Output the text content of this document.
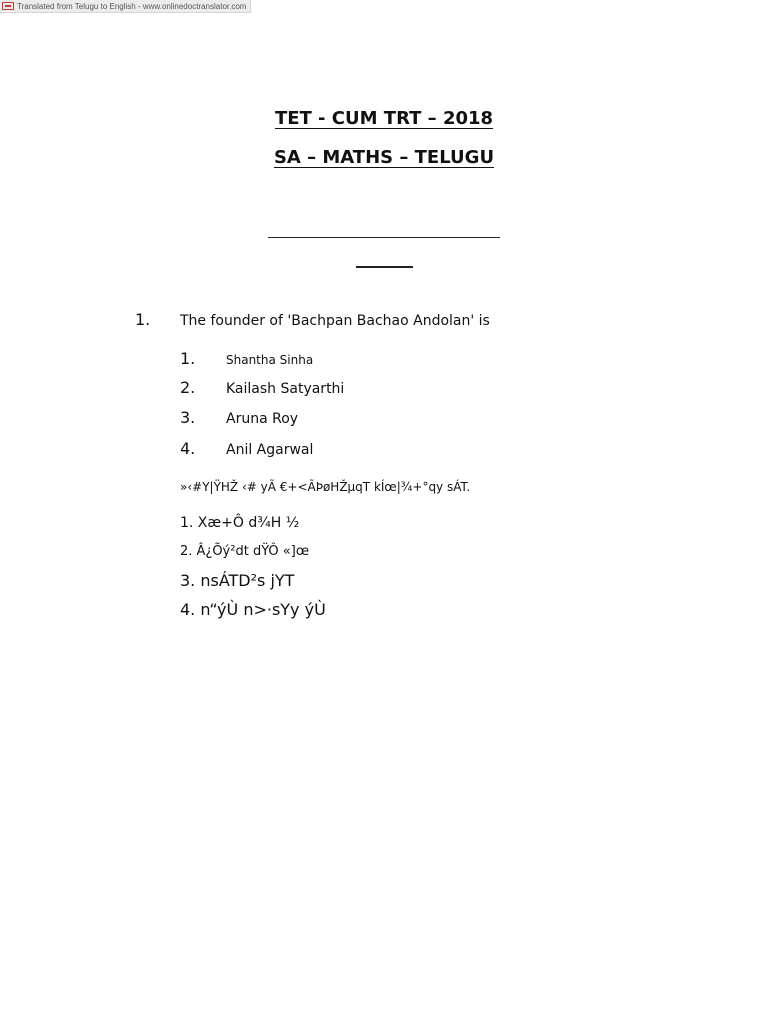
Translated from Telugu to English - www.onlinedoctranslator.com
TET - CUM TRT – 2018
SA – MATHS – TELUGU
1.	The founder of 'Bachpan Bachao Andolan' is
1.	Shantha Sinha
2.	Kailash Satyarthi
3.	Aruna Roy
4.	Anil Agarwal
»‹#Y|ŸHŽ ‹# yÃ €+<ÃÞøHŽµqT kÍœ|¾+°qy sÁT.
1. Xæ+Ô d¾H ½
2. Â¿Õý²dt dŸÔ «]œ
3. nsÁTD²s jYT
4. n“ýÙ n>·sYy ýÙ
